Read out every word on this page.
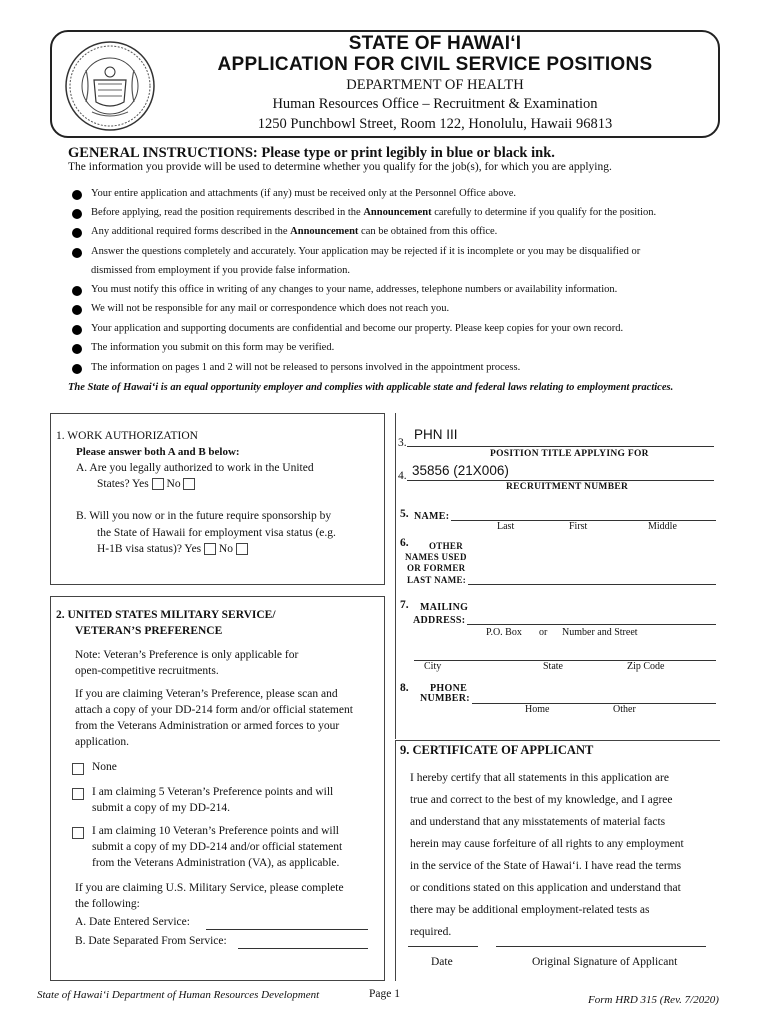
STATE OF HAWAI‘I
APPLICATION FOR CIVIL SERVICE POSITIONS
DEPARTMENT OF HEALTH
Human Resources Office – Recruitment & Examination
1250 Punchbowl Street, Room 122, Honolulu, Hawaii 96813
GENERAL INSTRUCTIONS: Please type or print legibly in blue or black ink.
The information you provide will be used to determine whether you qualify for the job(s), for which you are applying.
Your entire application and attachments (if any) must be received only at the Personnel Office above.
Before applying, read the position requirements described in the Announcement carefully to determine if you qualify for the position.
Any additional required forms described in the Announcement can be obtained from this office.
Answer the questions completely and accurately. Your application may be rejected if it is incomplete or you may be disqualified or
dismissed from employment if you provide false information.
You must notify this office in writing of any changes to your name, addresses, telephone numbers or availability information.
We will not be responsible for any mail or correspondence which does not reach you.
Your application and supporting documents are confidential and become our property. Please keep copies for your own record.
The information you submit on this form may be verified.
The information on pages 1 and 2 will not be released to persons involved in the appointment process.
The State of Hawai‘i is an equal opportunity employer and complies with applicable state and federal laws relating to employment practices.
1. WORK AUTHORIZATION
Please answer both A and B below:
A. Are you legally authorized to work in the United
States? Yes No
B. Will you now or in the future require sponsorship by
the State of Hawaii for employment visa status (e.g.
H-1B visa status)? Yes No
2. UNITED STATES MILITARY SERVICE/
VETERAN’S PREFERENCE
Note: Veteran’s Preference is only applicable for
open-competitive recruitments.
If you are claiming Veteran’s Preference, please scan and
attach a copy of your DD-214 form and/or official statement
from the Veterans Administration or armed forces to your
application.
None
I am claiming 5 Veteran’s Preference points and will
submit a copy of my DD-214.
I am claiming 10 Veteran’s Preference points and will
submit a copy of my DD-214 and/or official statement
from the Veterans Administration (VA), as applicable.
If you are claiming U.S. Military Service, please complete
the following:
A. Date Entered Service:
B. Date Separated From Service:
3.
PHN III
POSITION TITLE APPLYING FOR
4. 35856 (21X006)
RECRUITMENT NUMBER
5. NAME:
Last	First	Middle
6. OTHER
NAMES USED
OR FORMER
LAST NAME:
7. MAILING
ADDRESS:
P.O. Box or Number and Street
City	State	Zip Code
8. PHONE
NUMBER:
Home	Other
9. CERTIFICATE OF APPLICANT
I hereby certify that all statements in this application are
true and correct to the best of my knowledge, and I agree
and understand that any misstatements of material facts
herein may cause forfeiture of all rights to any employment
in the service of the State of Hawai‘i. I have read the terms
or conditions stated on this application and understand that
there may be additional employment-related tests as
required.
Date	Original Signature of Applicant
State of Hawai‘i Department of Human Resources Development	Page 1	Form HRD 315 (Rev. 7/2020)
